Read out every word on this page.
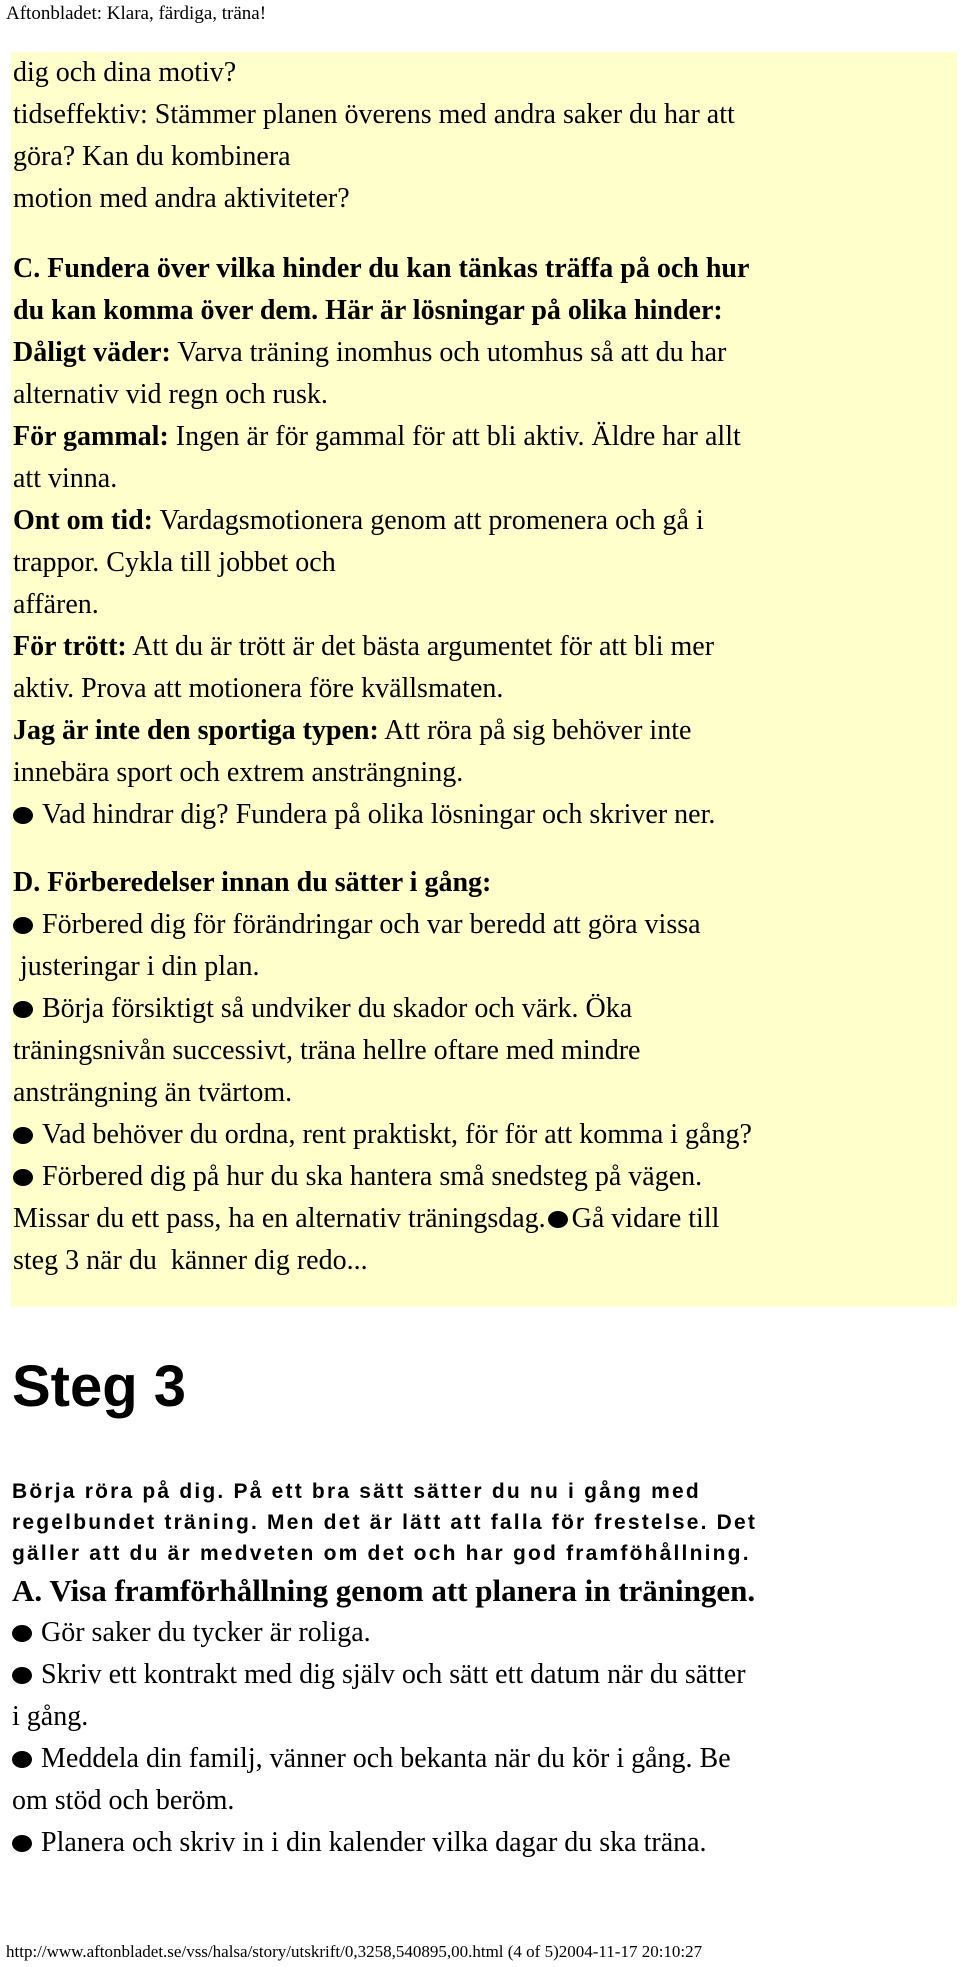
Aftonbladet: Klara, färdiga, träna!
dig och dina motiv?
tidseffektiv: Stämmer planen överens med andra saker du har att
göra? Kan du kombinera
motion med andra aktiviteter?
C. Fundera över vilka hinder du kan tänkas träffa på och hur
du kan komma över dem. Här är lösningar på olika hinder:
Dåligt väder: Varva träning inomhus och utomhus så att du har
alternativ vid regn och rusk.
För gammal: Ingen är för gammal för att bli aktiv. Äldre har allt
att vinna.
Ont om tid: Vardagsmotionera genom att promenera och gå i
trappor. Cykla till jobbet och
affären.
För trött: Att du är trött är det bästa argumentet för att bli mer
aktiv. Prova att motionera före kvällsmaten.
Jag är inte den sportiga typen: Att röra på sig behöver inte
innebära sport och extrem ansträngning.
Vad hindrar dig? Fundera på olika lösningar och skriver ner.
D. Förberedelser innan du sätter i gång:
Förbered dig för förändringar och var beredd att göra vissa
justeringar i din plan.
Börja försiktigt så undviker du skador och värk. Öka
träningsnivån successivt, träna hellre oftare med mindre
ansträngning än tvärtom.
Vad behöver du ordna, rent praktiskt, för för att komma i gång?
Förbered dig på hur du ska hantera små snedsteg på vägen.
Missar du ett pass, ha en alternativ träningsdag. Gå vidare till
steg 3 när du  känner dig redo...
Steg 3
Börja röra på dig. På ett bra sätt sätter du nu i gång med
regelbundet träning. Men det är lätt att falla för frestelse. Det
gäller att du är medveten om det och har god framföhållning.
A. Visa framförhållning genom att planera in träningen.
Gör saker du tycker är roliga.
Skriv ett kontrakt med dig själv och sätt ett datum när du sätter
i gång.
Meddela din familj, vänner och bekanta när du kör i gång. Be
om stöd och beröm.
Planera och skriv in i din kalender vilka dagar du ska träna.
http://www.aftonbladet.se/vss/halsa/story/utskrift/0,3258,540895,00.html (4 of 5)2004-11-17 20:10:27
